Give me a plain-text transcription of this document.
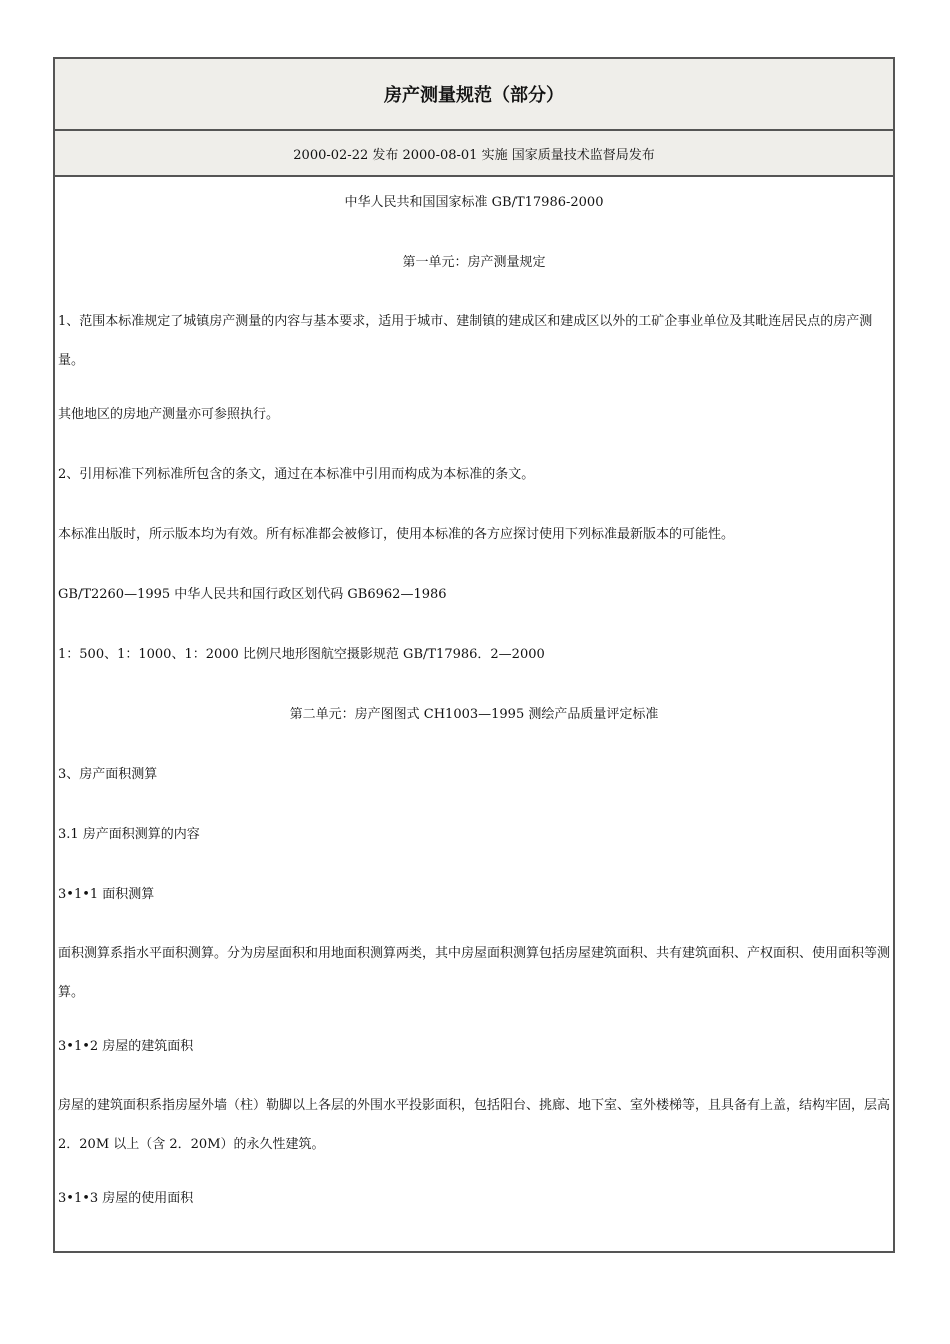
房产测量规范（部分）
2000-02-22 发布 2000-08-01 实施 国家质量技术监督局发布

中华人民共和国国家标准 GB/T17986-2000

第一单元：房产测量规定

1、范围本标准规定了城镇房产测量的内容与基本要求，适用于城市、建制镇的建成区和建成区以外的工矿企事业单位及其毗连居民点的房产测量。

其他地区的房地产测量亦可参照执行。

2、引用标准下列标准所包含的条文，通过在本标准中引用而构成为本标准的条文。

本标准出版时，所示版本均为有效。所有标准都会被修订，使用本标准的各方应探讨使用下列标准最新版本的可能性。

GB/T2260—1995 中华人民共和国行政区划代码 GB6962—1986

1：500、1：1000、1：2000 比例尺地形图航空摄影规范 GB/T17986．2—2000

第二单元：房产图图式 CH1003—1995 测绘产品质量评定标准

3、房产面积测算

3.1 房产面积测算的内容

3•1•1 面积测算

面积测算系指水平面积测算。分为房屋面积和用地面积测算两类，其中房屋面积测算包括房屋建筑面积、共有建筑面积、产权面积、使用面积等测算。

3•1•2 房屋的建筑面积

房屋的建筑面积系指房屋外墙（柱）勒脚以上各层的外围水平投影面积，包括阳台、挑廊、地下室、室外楼梯等，且具备有上盖，结构牢固，层高 2．20M 以上（含 2．20M）的永久性建筑。

3•1•3 房屋的使用面积
